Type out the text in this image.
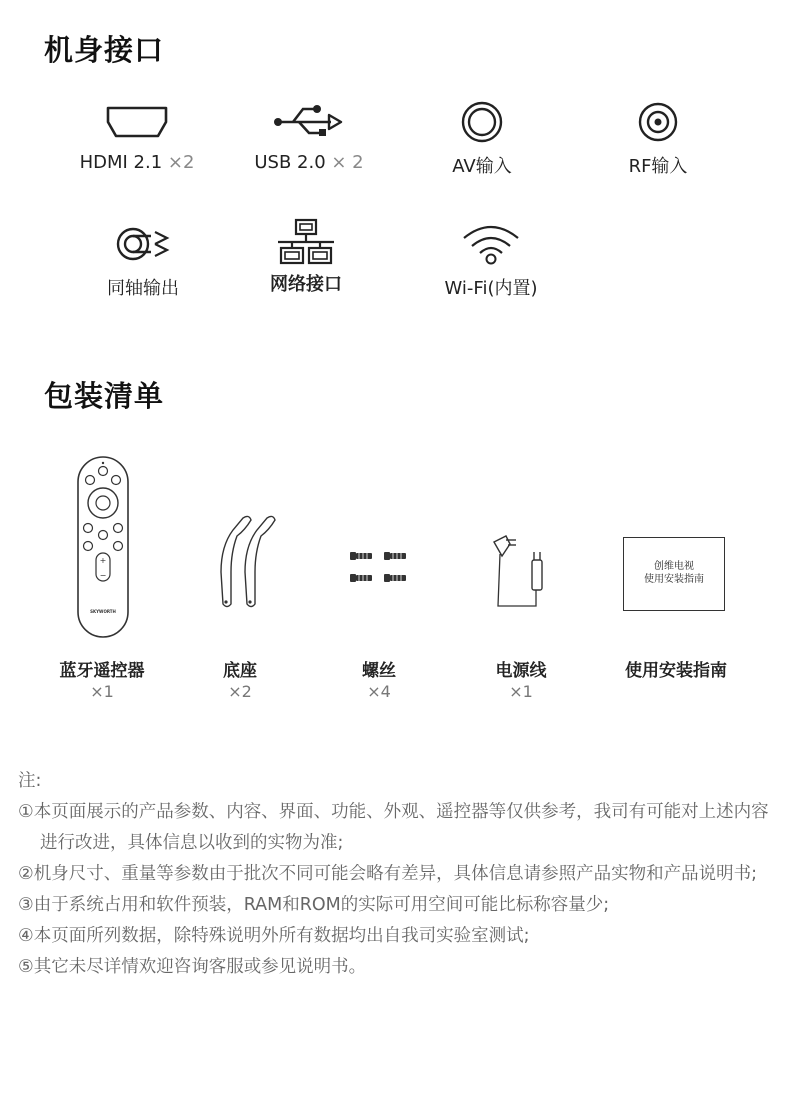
机身接口
HDMI 2.1 ×2	USB 2.0 × 2	AV输入	RF输入
同轴输出	网络接口	Wi-Fi(内置)
包装清单
+
−
SKYWORTH
创维电视
使用安装指南
蓝牙遥控器
×1
底座
×2
螺丝
×4
电源线
×1
使用安装指南
注:
①本页面展示的产品参数、内容、界面、功能、外观、遥控器等仅供参考，我司有可能对上述内容进行改进，具体信息以收到的实物为准;
②机身尺寸、重量等参数由于批次不同可能会略有差异，具体信息请参照产品实物和产品说明书;
③由于系统占用和软件预装，RAM和ROM的实际可用空间可能比标称容量少;
④本页面所列数据，除特殊说明外所有数据均出自我司实验室测试;
⑤其它未尽详情欢迎咨询客服或参见说明书。
